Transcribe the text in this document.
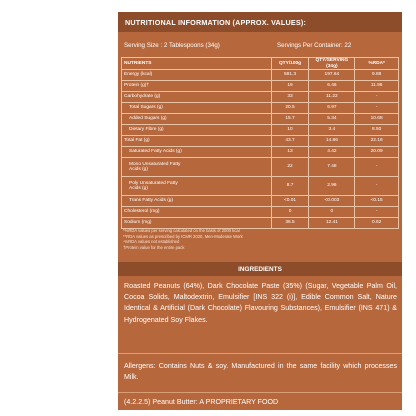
NUTRITIONAL INFORMATION (APPROX. VALUES):
Serving Size : 2 Tablespoons (34g)	Servings Per Container: 22
NUTRIENTS	QTY/100g	QTY/SERVING (34g)	%RDA*
Energy (kcal)	581.3	197.64	9.88
Protein (g)†	19	6.46	11.96
Carbohydrate (g)	33	11.22	-
Total Sugars (g)	20.5	6.97	-
Added Sugars (g)	15.7	5.34	10.68
Dietary Fibre (g)	10	3.4	8.50
Total Fat (g)	43.7	14.86	22.18
Saturated Fatty Acids (g)	13	4.42	20.09
Mono Unsaturated Fatty Acids (g)	22	7.48	-
Poly Unsaturated Fatty Acids (g)	8.7	2.96	-
Trans Fatty Acids (g)	<0.01	<0.003	<0.15
Cholesterol (mg)	0	0	-
Sodium (mg)	36.5	12.41	0.62
*%RDA values per serving calculated on the basis of 2000 kcal
**RDA values as prescribed by ICMR 2020, Men-Moderate Work
-%RDA values not established
†Protein value for the entire pack
INGREDIENTS
Roasted Peanuts (64%), Dark Chocolate Paste (35%) (Sugar, Vegetable Palm Oil, Cocoa Solids, Maltodextrin, Emulsifier [INS 322 (i)], Edible Common Salt, Nature Identical & Artificial (Dark Chocolate) Flavouring Substances), Emulsifier (INS 471) & Hydrogenated Soy Flakes.
Allergens: Contains Nuts & soy. Manufactured in the same facility which processes Milk.
(4.2.2.5) Peanut Butter: A PROPRIETARY FOOD
